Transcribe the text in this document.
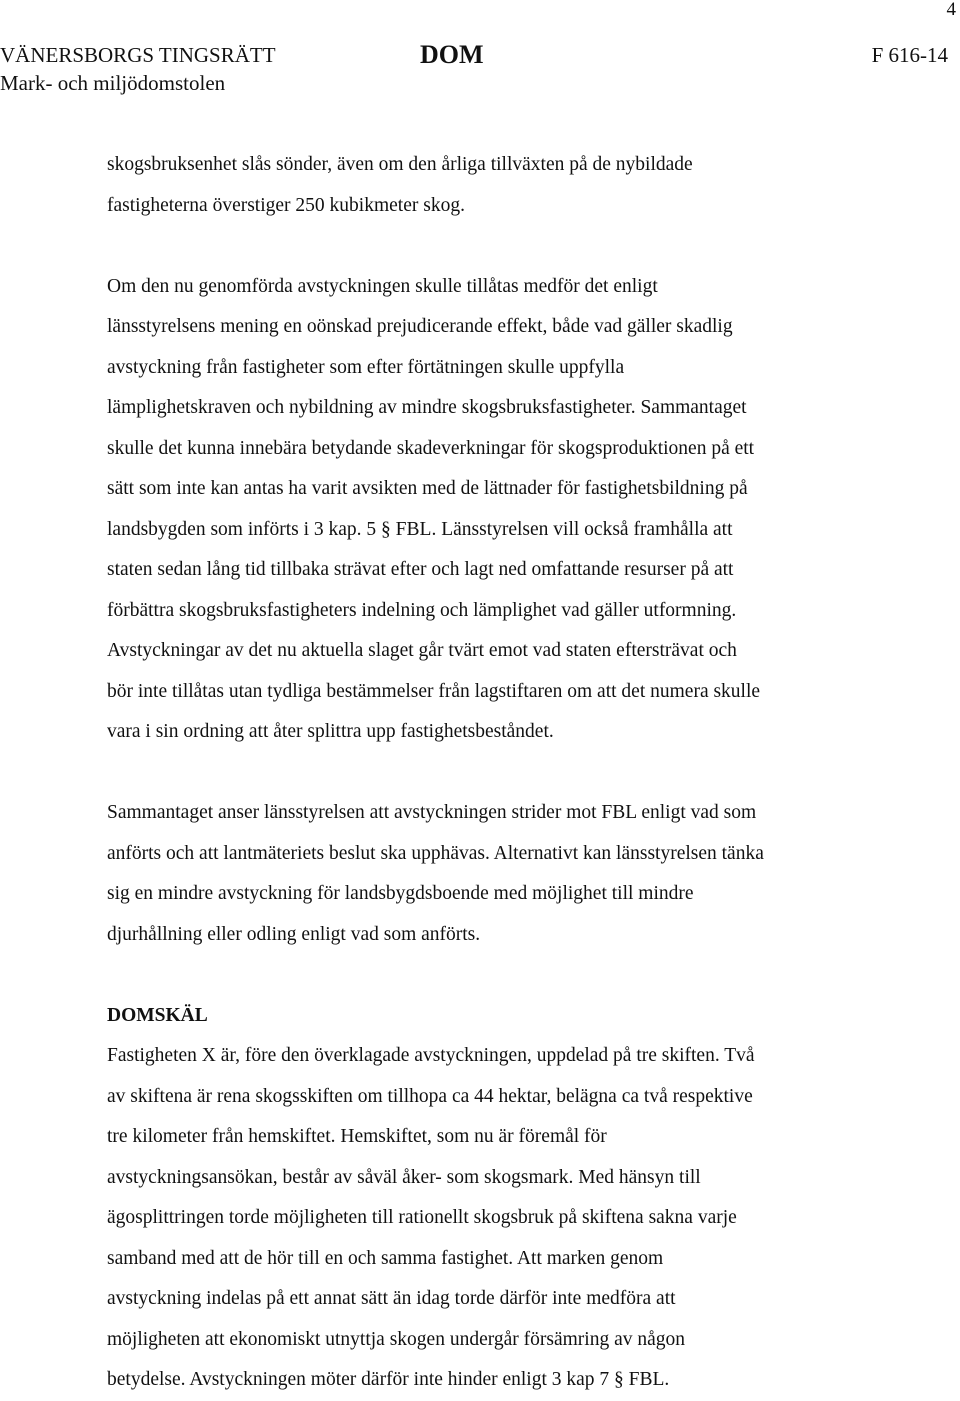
4
VÄNERSBORGS TINGSRÄTT
Mark- och miljödomstolen
DOM	F 616-14

skogsbruksenhet slås sönder, även om den årliga tillväxten på de nybildade
fastigheterna överstiger 250 kubikmeter skog.

Om den nu genomförda avstyckningen skulle tillåtas medför det enligt
länsstyrelsens mening en oönskad prejudicerande effekt, både vad gäller skadlig
avstyckning från fastigheter som efter förtätningen skulle uppfylla
lämplighetskraven och nybildning av mindre skogsbruksfastigheter. Sammantaget
skulle det kunna innebära betydande skadeverkningar för skogsproduktionen på ett
sätt som inte kan antas ha varit avsikten med de lättnader för fastighetsbildning på
landsbygden som införts i 3 kap. 5 § FBL. Länsstyrelsen vill också framhålla att
staten sedan lång tid tillbaka strävat efter och lagt ned omfattande resurser på att
förbättra skogsbruksfastigheters indelning och lämplighet vad gäller utformning.
Avstyckningar av det nu aktuella slaget går tvärt emot vad staten eftersträvat och
bör inte tillåtas utan tydliga bestämmelser från lagstiftaren om att det numera skulle
vara i sin ordning att åter splittra upp fastighetsbeståndet.

Sammantaget anser länsstyrelsen att avstyckningen strider mot FBL enligt vad som
anförts och att lantmäteriets beslut ska upphävas. Alternativt kan länsstyrelsen tänka
sig en mindre avstyckning för landsbygdsboende med möjlighet till mindre
djurhållning eller odling enligt vad som anförts.

DOMSKÄL

Fastigheten X är, före den överklagade avstyckningen, uppdelad på tre skiften. Två
av skiftena är rena skogsskiften om tillhopa ca 44 hektar, belägna ca två respektive
tre kilometer från hemskiftet. Hemskiftet, som nu är föremål för
avstyckningsansökan, består av såväl åker- som skogsmark. Med hänsyn till
ägosplittringen torde möjligheten till rationellt skogsbruk på skiftena sakna varje
samband med att de hör till en och samma fastighet. Att marken genom
avstyckning indelas på ett annat sätt än idag torde därför inte medföra att
möjligheten att ekonomiskt utnyttja skogen undergår försämring av någon
betydelse. Avstyckningen möter därför inte hinder enligt 3 kap 7 § FBL.
